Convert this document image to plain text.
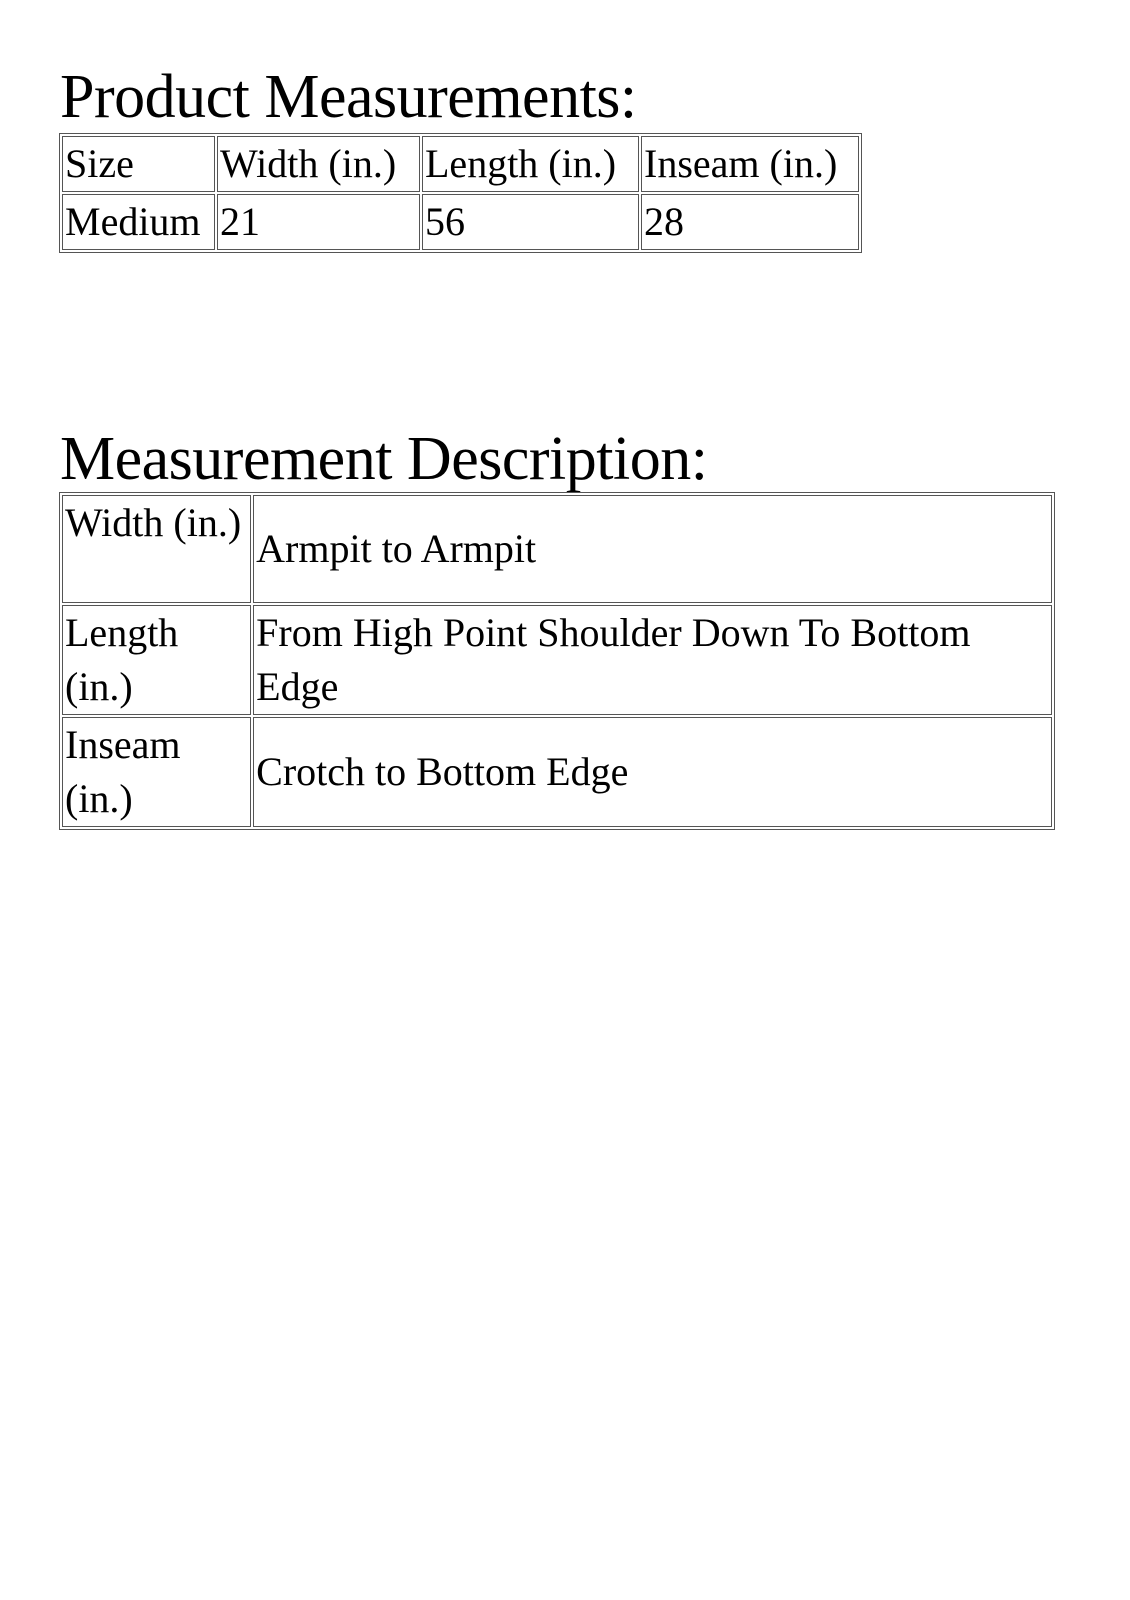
Product Measurements:
Size	Width (in.)	Length (in.)	Inseam (in.)
Medium	21	56	28
Measurement Description:
Width (in.)	Armpit to Armpit
Length (in.)	From High Point Shoulder Down To Bottom Edge
Inseam (in.)	Crotch to Bottom Edge
